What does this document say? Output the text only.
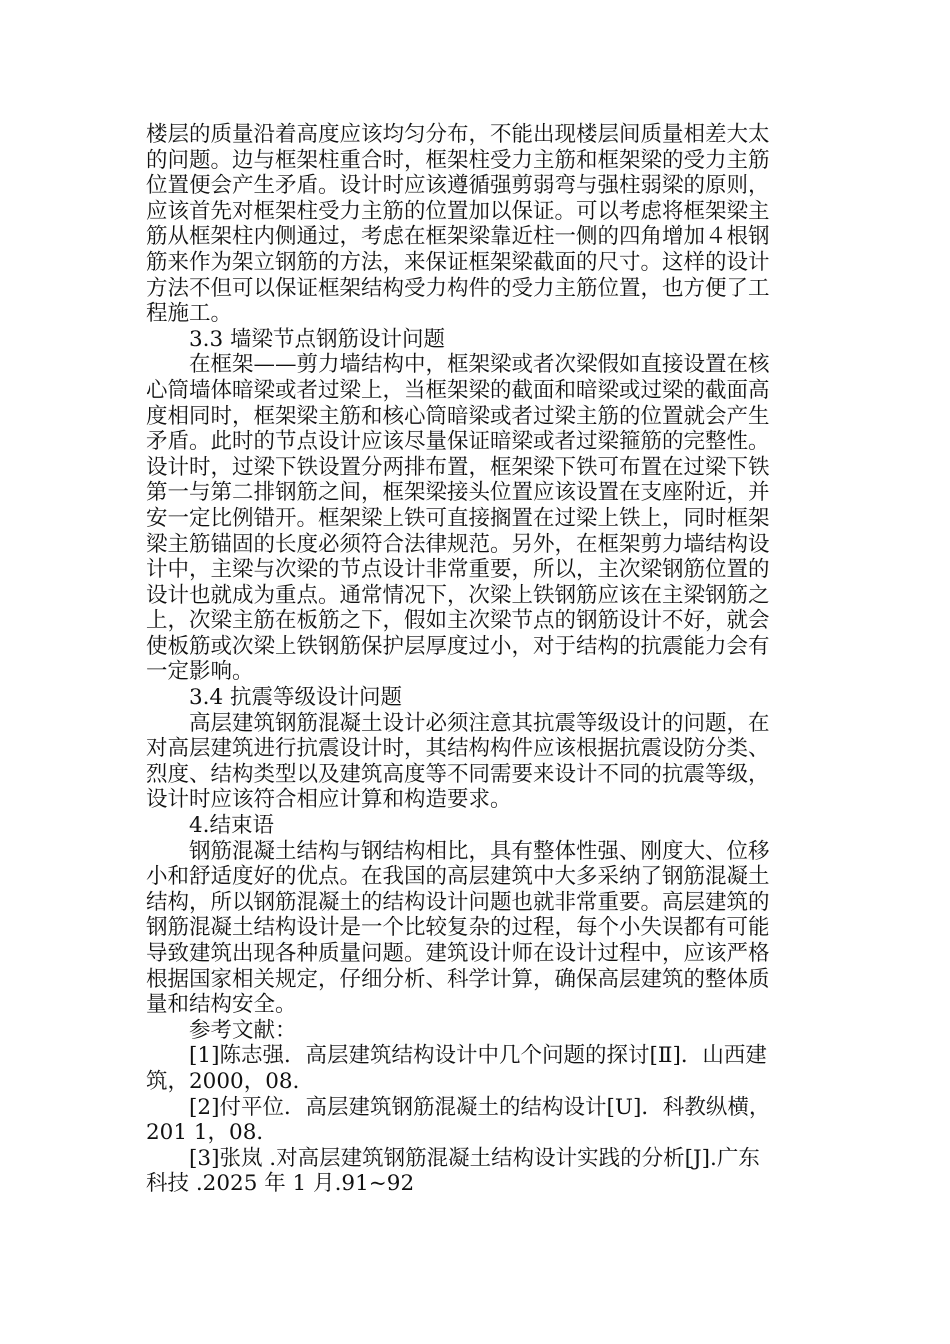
楼层的质量沿着高度应该均匀分布，不能出现楼层间质量相差大太
的问题。边与框架柱重合时，框架柱受力主筋和框架梁的受力主筋
位置便会产生矛盾。设计时应该遵循强剪弱弯与强柱弱梁的原则，
应该首先对框架柱受力主筋的位置加以保证。可以考虑将框架梁主
筋从框架柱内侧通过，考虑在框架梁靠近柱一侧的四角增加４根钢
筋来作为架立钢筋的方法，来保证框架梁截面的尺寸。这样的设计
方法不但可以保证框架结构受力构件的受力主筋位置，也方便了工
程施工。
3.3 墙梁节点钢筋设计问题
在框架——剪力墙结构中，框架梁或者次梁假如直接设置在核
心筒墙体暗梁或者过梁上，当框架梁的截面和暗梁或过梁的截面高
度相同时，框架梁主筋和核心筒暗梁或者过梁主筋的位置就会产生
矛盾。此时的节点设计应该尽量保证暗梁或者过梁箍筋的完整性。
设计时，过梁下铁设置分两排布置，框架梁下铁可布置在过梁下铁
第一与第二排钢筋之间，框架梁接头位置应该设置在支座附近，并
安一定比例错开。框架梁上铁可直接搁置在过梁上铁上，同时框架
梁主筋锚固的长度必须符合法律规范。另外，在框架剪力墙结构设
计中，主梁与次梁的节点设计非常重要，所以，主次梁钢筋位置的
设计也就成为重点。通常情况下，次梁上铁钢筋应该在主梁钢筋之
上，次梁主筋在板筋之下，假如主次梁节点的钢筋设计不好，就会
使板筋或次梁上铁钢筋保护层厚度过小，对于结构的抗震能力会有
一定影响。
3.4 抗震等级设计问题
高层建筑钢筋混凝土设计必须注意其抗震等级设计的问题，在
对高层建筑进行抗震设计时，其结构构件应该根据抗震设防分类、
烈度、结构类型以及建筑高度等不同需要来设计不同的抗震等级，
设计时应该符合相应计算和构造要求。
4.结束语
钢筋混凝土结构与钢结构相比，具有整体性强、刚度大、位移
小和舒适度好的优点。在我国的高层建筑中大多采纳了钢筋混凝土
结构，所以钢筋混凝土的结构设计问题也就非常重要。高层建筑的
钢筋混凝土结构设计是一个比较复杂的过程，每个小失误都有可能
导致建筑出现各种质量问题。建筑设计师在设计过程中，应该严格
根据国家相关规定，仔细分析、科学计算，确保高层建筑的整体质
量和结构安全。
参考文献：
[1]陈志强．高层建筑结构设计中几个问题的探讨[Ⅱ]．山西建
筑，2000，08．
[2]付平位．高层建筑钢筋混凝土的结构设计[U]．科教纵横，
201 1，08．
[3]张岚 .对高层建筑钢筋混凝土结构设计实践的分析[J].广东
科技 .2025 年 1 月.91~92
